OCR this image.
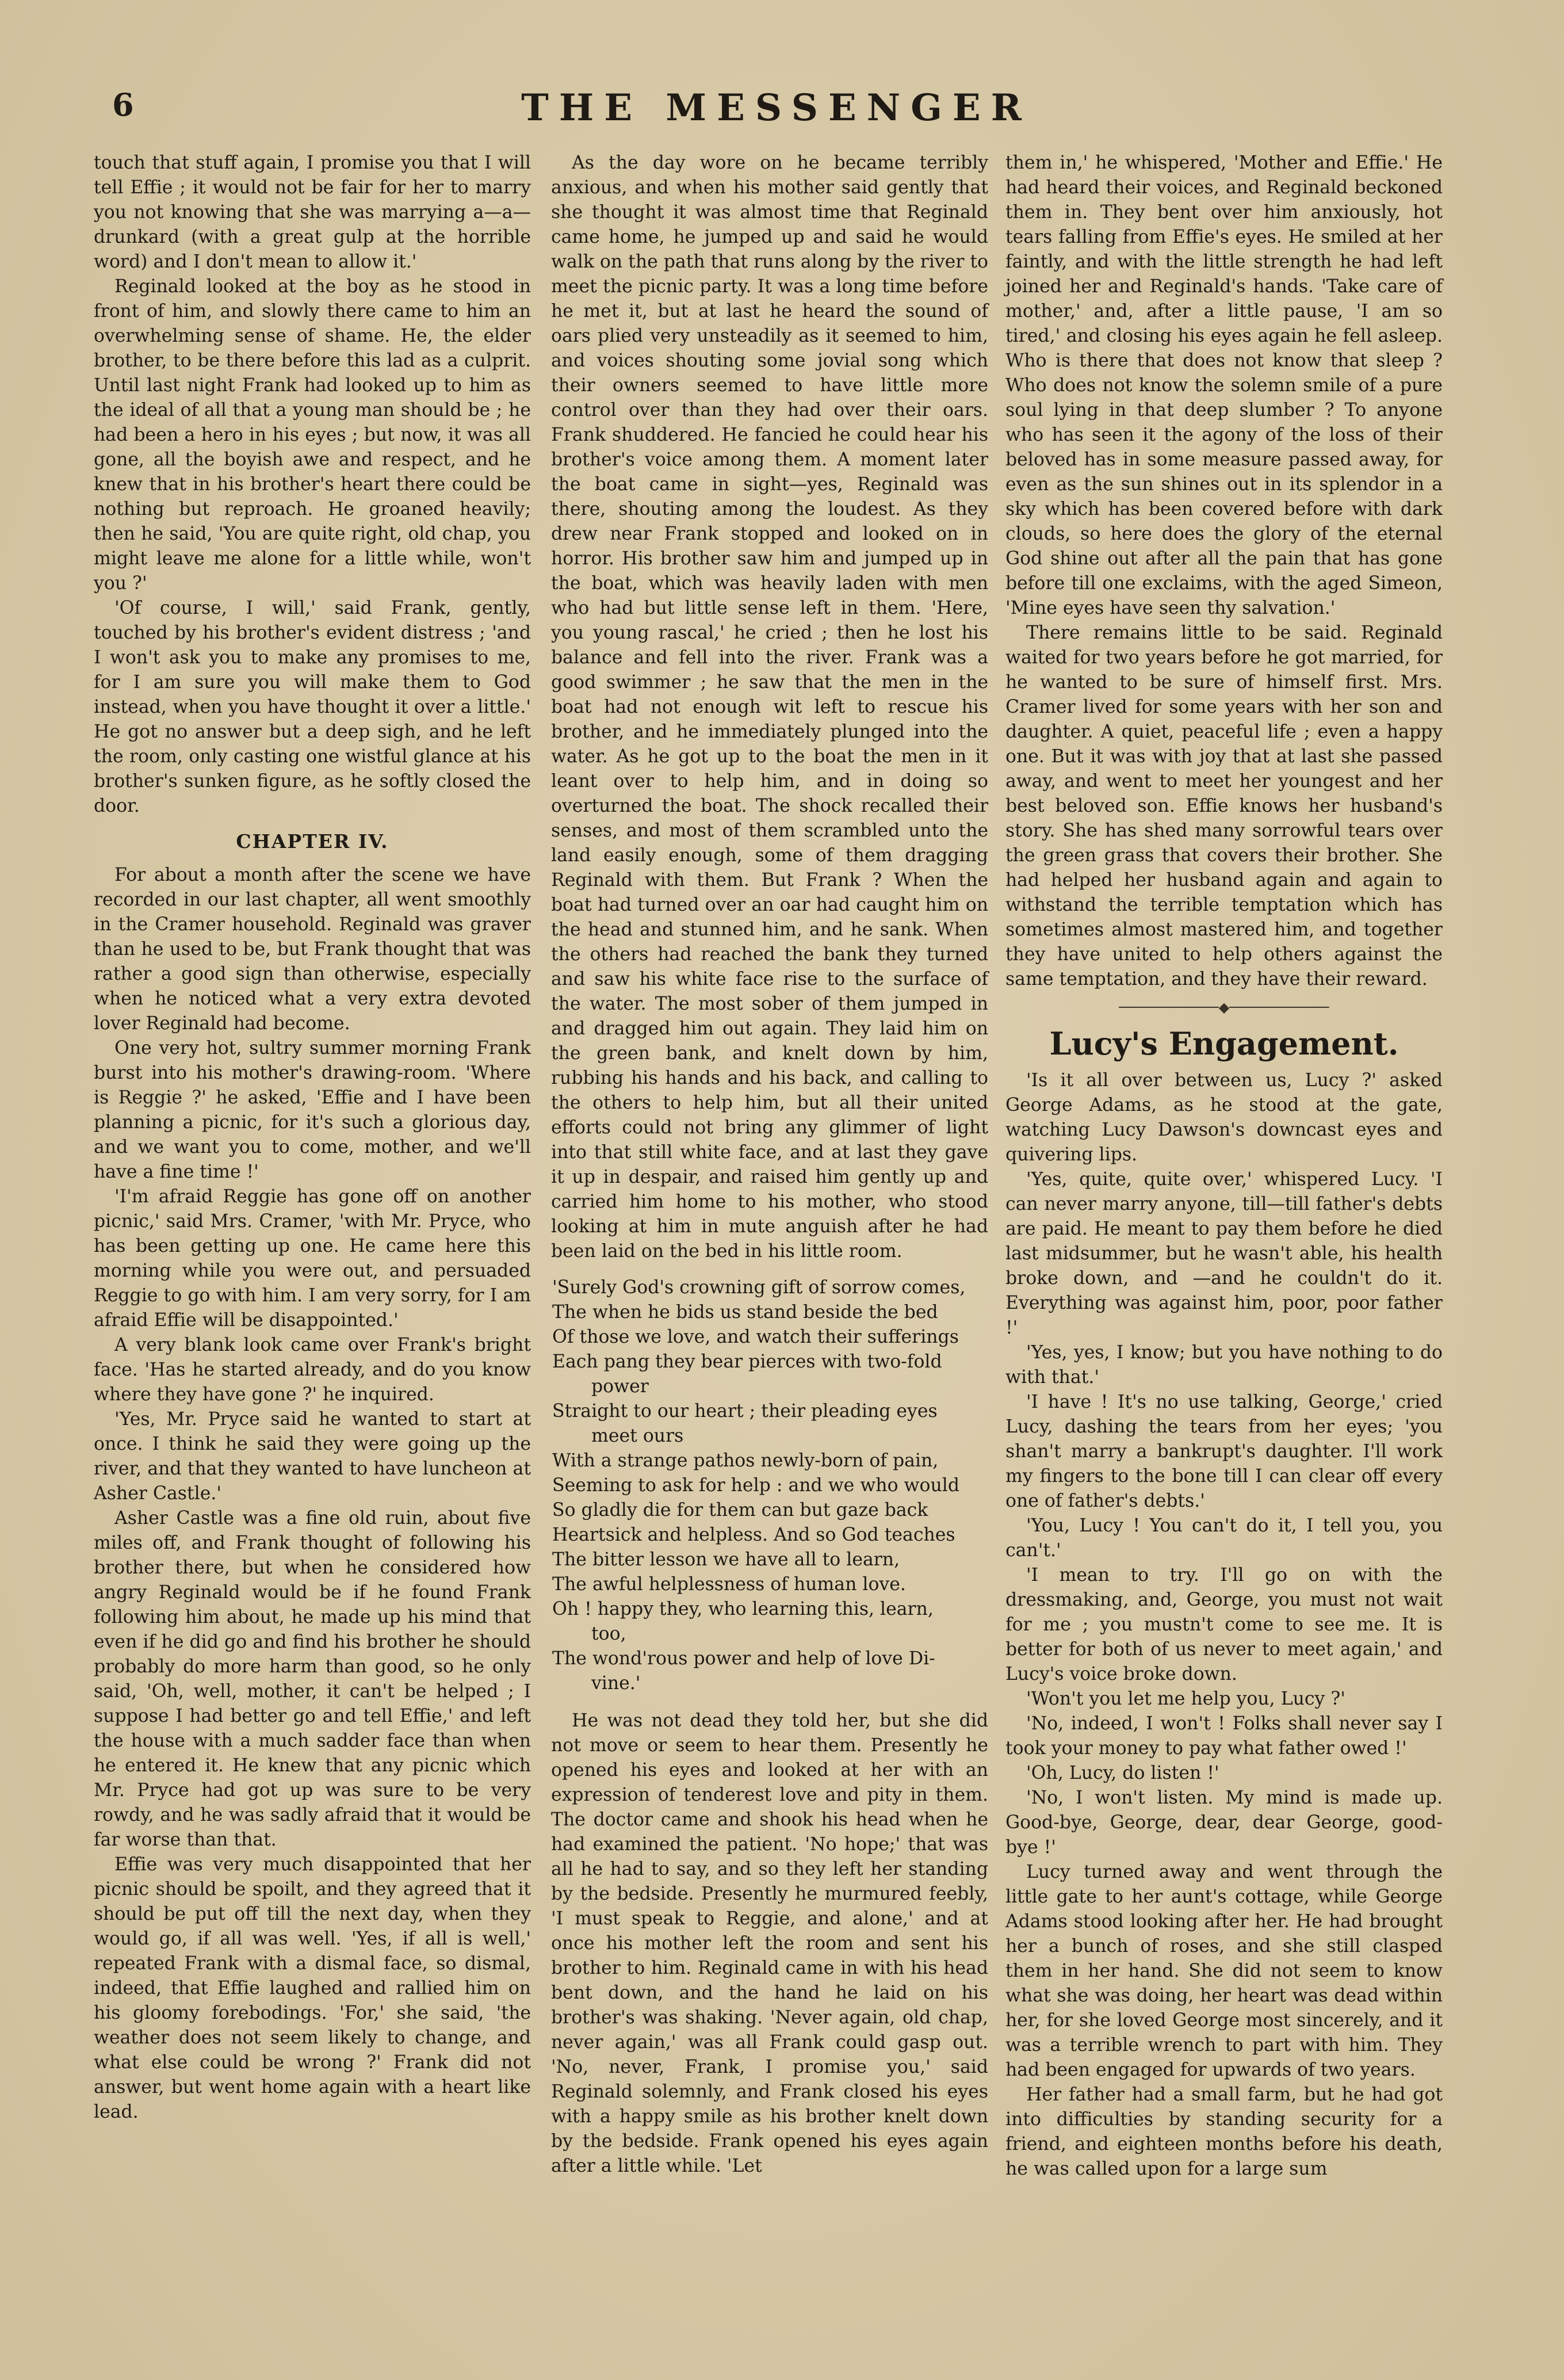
6	THE MESSENGER

touch that stuff again, I promise you that I will tell Effie ; it would not be fair for her to marry you not knowing that she was marrying a—a—drunkard (with a great gulp at the horrible word) and I don't mean to allow it.'

Reginald looked at the boy as he stood in front of him, and slowly there came to him an overwhelming sense of shame. He, the elder brother, to be there before this lad as a culprit. Until last night Frank had looked up to him as the ideal of all that a young man should be ; he had been a hero in his eyes ; but now, it was all gone, all the boyish awe and respect, and he knew that in his brother's heart there could be nothing but reproach. He groaned heavily; then he said, 'You are quite right, old chap, you might leave me alone for a little while, won't you ?'

'Of course, I will,' said Frank, gently, touched by his brother's evident distress ; 'and I won't ask you to make any promises to me, for I am sure you will make them to God instead, when you have thought it over a little.' He got no answer but a deep sigh, and he left the room, only casting one wistful glance at his brother's sunken figure, as he softly closed the door.

CHAPTER IV.

For about a month after the scene we have recorded in our last chapter, all went smoothly in the Cramer household. Reginald was graver than he used to be, but Frank thought that was rather a good sign than otherwise, especially when he noticed what a very extra devoted lover Reginald had become.

One very hot, sultry summer morning Frank burst into his mother's drawing-room. 'Where is Reggie ?' he asked, 'Effie and I have been planning a picnic, for it's such a glorious day, and we want you to come, mother, and we'll have a fine time !'

'I'm afraid Reggie has gone off on another picnic,' said Mrs. Cramer, 'with Mr. Pryce, who has been getting up one. He came here this morning while you were out, and persuaded Reggie to go with him. I am very sorry, for I am afraid Effie will be disappointed.'

A very blank look came over Frank's bright face. 'Has he started already, and do you know where they have gone ?' he inquired.

'Yes, Mr. Pryce said he wanted to start at once. I think he said they were going up the river, and that they wanted to have luncheon at Asher Castle.'

Asher Castle was a fine old ruin, about five miles off, and Frank thought of following his brother there, but when he considered how angry Reginald would be if he found Frank following him about, he made up his mind that even if he did go and find his brother he should probably do more harm than good, so he only said, 'Oh, well, mother, it can't be helped ; I suppose I had better go and tell Effie,' and left the house with a much sadder face than when he entered it. He knew that any picnic which Mr. Pryce had got up was sure to be very rowdy, and he was sadly afraid that it would be far worse than that.

Effie was very much disappointed that her picnic should be spoilt, and they agreed that it should be put off till the next day, when they would go, if all was well. 'Yes, if all is well,' repeated Frank with a dismal face, so dismal, indeed, that Effie laughed and rallied him on his gloomy forebodings. 'For,' she said, 'the weather does not seem likely to change, and what else could be wrong ?' Frank did not answer, but went home again with a heart like lead.

As the day wore on he became terribly anxious, and when his mother said gently that she thought it was almost time that Reginald came home, he jumped up and said he would walk on the path that runs along by the river to meet the picnic party. It was a long time before he met it, but at last he heard the sound of oars plied very unsteadily as it seemed to him, and voices shouting some jovial song which their owners seemed to have little more control over than they had over their oars. Frank shuddered. He fancied he could hear his brother's voice among them. A moment later the boat came in sight—yes, Reginald was there, shouting among the loudest. As they drew near Frank stopped and looked on in horror. His brother saw him and jumped up in the boat, which was heavily laden with men who had but little sense left in them. 'Here, you young rascal,' he cried ; then he lost his balance and fell into the river. Frank was a good swimmer ; he saw that the men in the boat had not enough wit left to rescue his brother, and he immediately plunged into the water. As he got up to the boat the men in it leant over to help him, and in doing so overturned the boat. The shock recalled their senses, and most of them scrambled unto the land easily enough, some of them dragging Reginald with them. But Frank ? When the boat had turned over an oar had caught him on the head and stunned him, and he sank. When the others had reached the bank they turned and saw his white face rise to the surface of the water. The most sober of them jumped in and dragged him out again. They laid him on the green bank, and knelt down by him, rubbing his hands and his back, and calling to the others to help him, but all their united efforts could not bring any glimmer of light into that still white face, and at last they gave it up in despair, and raised him gently up and carried him home to his mother, who stood looking at him in mute anguish after he had been laid on the bed in his little room.

'Surely God's crowning gift of sorrow comes,
The when he bids us stand beside the bed
Of those we love, and watch their sufferings
Each pang they bear pierces with two-fold
power
Straight to our heart ; their pleading eyes
meet ours
With a strange pathos newly-born of pain,
Seeming to ask for help : and we who would
So gladly die for them can but gaze back
Heartsick and helpless. And so God teaches
The bitter lesson we have all to learn,
The awful helplessness of human love.
Oh ! happy they, who learning this, learn,
too,
The wond'rous power and help of love Di-
vine.'

He was not dead they told her, but she did not move or seem to hear them. Presently he opened his eyes and looked at her with an expression of tenderest love and pity in them. The doctor came and shook his head when he had examined the patient. 'No hope;' that was all he had to say, and so they left her standing by the bedside. Presently he murmured feebly, 'I must speak to Reggie, and alone,' and at once his mother left the room and sent his brother to him. Reginald came in with his head bent down, and the hand he laid on his brother's was shaking. 'Never again, old chap, never again,' was all Frank could gasp out. 'No, never, Frank, I promise you,' said Reginald solemnly, and Frank closed his eyes with a happy smile as his brother knelt down by the bedside. Frank opened his eyes again after a little while. 'Let

them in,' he whispered, 'Mother and Effie.' He had heard their voices, and Reginald beckoned them in. They bent over him anxiously, hot tears falling from Effie's eyes. He smiled at her faintly, and with the little strength he had left joined her and Reginald's hands. 'Take care of mother,' and, after a little pause, 'I am so tired,' and closing his eyes again he fell asleep. Who is there that does not know that sleep ? Who does not know the solemn smile of a pure soul lying in that deep slumber ? To anyone who has seen it the agony of the loss of their beloved has in some measure passed away, for even as the sun shines out in its splendor in a sky which has been covered before with dark clouds, so here does the glory of the eternal God shine out after all the pain that has gone before till one exclaims, with the aged Simeon, 'Mine eyes have seen thy salvation.'

There remains little to be said. Reginald waited for two years before he got married, for he wanted to be sure of himself first. Mrs. Cramer lived for some years with her son and daughter. A quiet, peaceful life ; even a happy one. But it was with joy that at last she passed away, and went to meet her youngest and her best beloved son. Effie knows her husband's story. She has shed many sorrowful tears over the green grass that covers their brother. She had helped her husband again and again to withstand the terrible temptation which has sometimes almost mastered him, and together they have united to help others against the same temptation, and they have their reward.

────────────◆────────────
Lucy's Engagement.

'Is it all over between us, Lucy ?' asked George Adams, as he stood at the gate, watching Lucy Dawson's downcast eyes and quivering lips.

'Yes, quite, quite over,' whispered Lucy. 'I can never marry anyone, till—till father's debts are paid. He meant to pay them before he died last midsummer, but he wasn't able, his health broke down, and —and he couldn't do it. Everything was against him, poor, poor father !'

'Yes, yes, I know; but you have nothing to do with that.'

'I have ! It's no use talking, George,' cried Lucy, dashing the tears from her eyes; 'you shan't marry a bankrupt's daughter. I'll work my fingers to the bone till I can clear off every one of father's debts.'

'You, Lucy ! You can't do it, I tell you, you can't.'

'I mean to try. I'll go on with the dressmaking, and, George, you must not wait for me ; you mustn't come to see me. It is better for both of us never to meet again,' and Lucy's voice broke down.

'Won't you let me help you, Lucy ?'

'No, indeed, I won't ! Folks shall never say I took your money to pay what father owed !'

'Oh, Lucy, do listen !'

'No, I won't listen. My mind is made up. Good-bye, George, dear, dear George, good-bye !'

Lucy turned away and went through the little gate to her aunt's cottage, while George Adams stood looking after her. He had brought her a bunch of roses, and she still clasped them in her hand. She did not seem to know what she was doing, her heart was dead within her, for she loved George most sincerely, and it was a terrible wrench to part with him. They had been engaged for upwards of two years.

Her father had a small farm, but he had got into difficulties by standing security for a friend, and eighteen months before his death, he was called upon for a large sum
